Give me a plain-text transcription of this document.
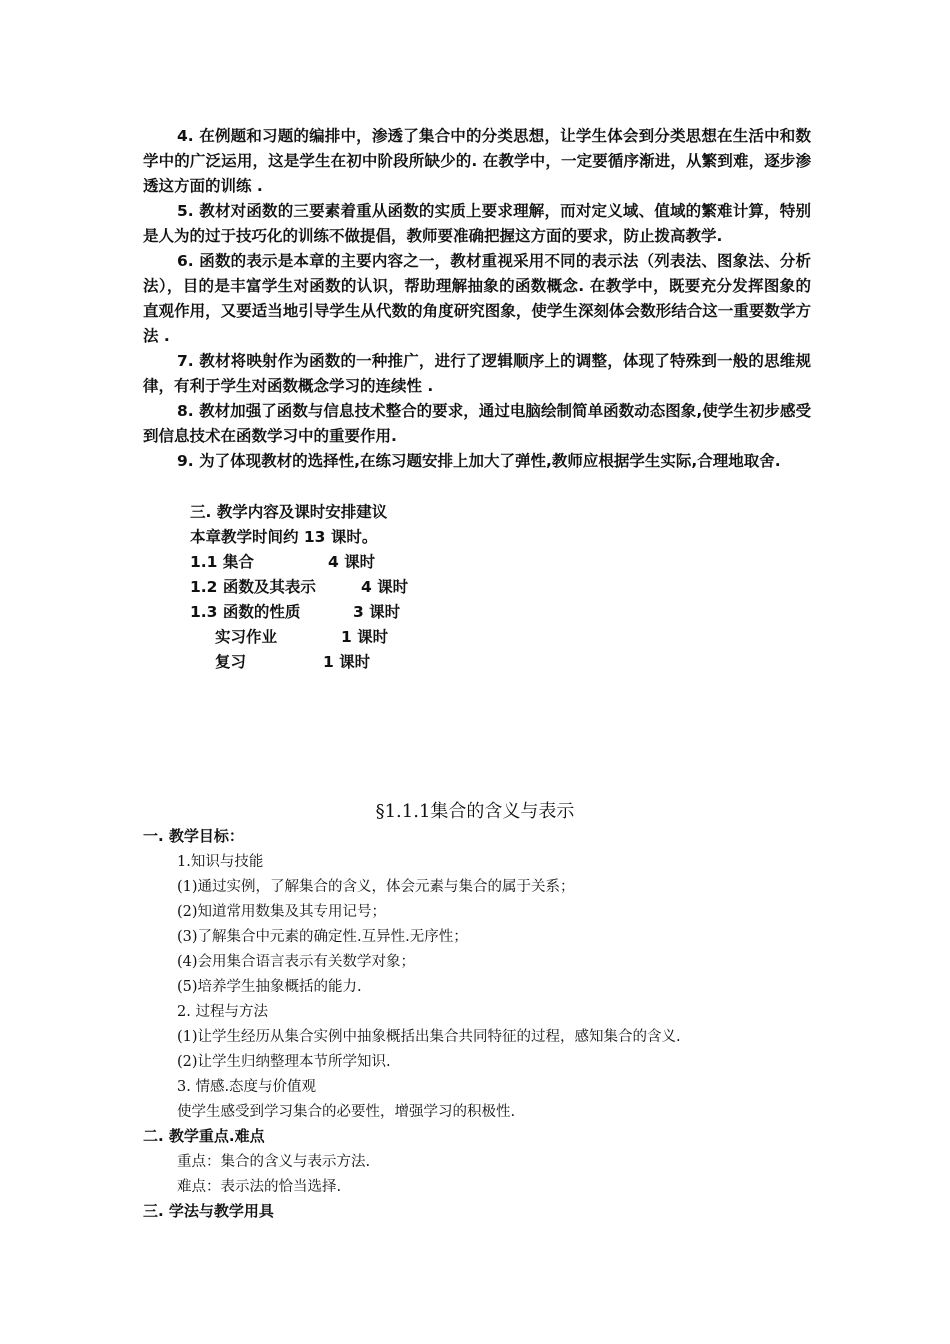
4. 在例题和习题的编排中，渗透了集合中的分类思想，让学生体会到分类思想在生活中和数学中的广泛运用，这是学生在初中阶段所缺少的. 在教学中，一定要循序渐进，从繁到难，逐步渗透这方面的训练 .
5. 教材对函数的三要素着重从函数的实质上要求理解，而对定义域、值域的繁难计算，特别是人为的过于技巧化的训练不做提倡，教师要准确把握这方面的要求，防止拨高教学.
6. 函数的表示是本章的主要内容之一，教材重视采用不同的表示法（列表法、图象法、分析法），目的是丰富学生对函数的认识，帮助理解抽象的函数概念. 在教学中，既要充分发挥图象的直观作用，又要适当地引导学生从代数的角度研究图象，使学生深刻体会数形结合这一重要数学方法 .
7. 教材将映射作为函数的一种推广，进行了逻辑顺序上的调整，体现了特殊到一般的思维规律，有利于学生对函数概念学习的连续性 .
8. 教材加强了函数与信息技术整合的要求，通过电脑绘制简单函数动态图象,使学生初步感受到信息技术在函数学习中的重要作用.
9. 为了体现教材的选择性,在练习题安排上加大了弹性,教师应根据学生实际,合理地取舍.
三. 教学内容及课时安排建议
本章教学时间约 13 课时。
1.1 集合	4 课时
1.2 函数及其表示	4 课时
1.3 函数的性质	3 课时
实习作业	1 课时
复习	1 课时
§1.1.1集合的含义与表示
一. 教学目标：
1.知识与技能
(1)通过实例，了解集合的含义，体会元素与集合的属于关系；
(2)知道常用数集及其专用记号；
(3)了解集合中元素的确定性.互异性.无序性；
(4)会用集合语言表示有关数学对象；
(5)培养学生抽象概括的能力.
2. 过程与方法
(1)让学生经历从集合实例中抽象概括出集合共同特征的过程，感知集合的含义.
(2)让学生归纳整理本节所学知识.
3. 情感.态度与价值观
使学生感受到学习集合的必要性，增强学习的积极性.
二. 教学重点.难点
重点：集合的含义与表示方法.
难点：表示法的恰当选择.
三. 学法与教学用具
